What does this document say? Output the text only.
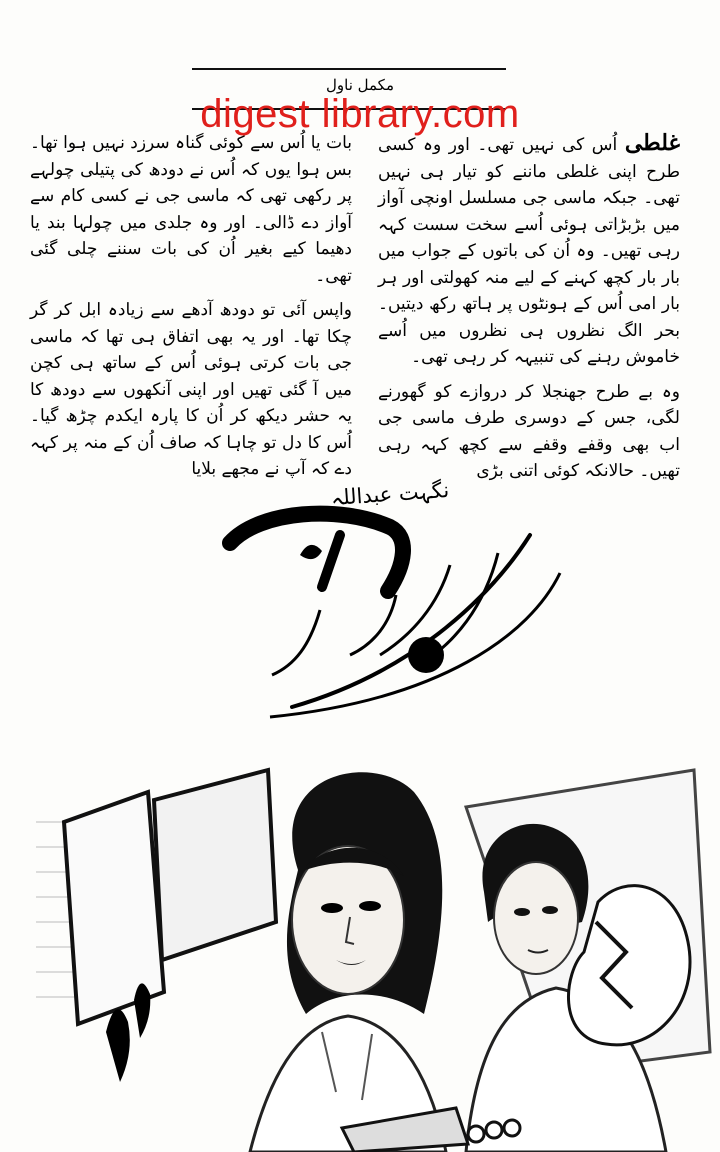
مکمل ناول

غلطی اُس کی نہیں تھی۔ اور وہ کسی طرح اپنی غلطی ماننے کو تیار ہی نہیں تھی۔ جبکہ ماسی جی مسلسل اونچی آواز میں بڑبڑاتی ہوئی اُسے سخت سست کہہ رہی تھیں۔ وہ اُن کی باتوں کے جواب میں بار بار کچھ کہنے کے لیے منہ کھولتی اور ہر بار امی اُس کے ہونٹوں پر ہاتھ رکھ دیتیں۔ بحر الگ نظروں ہی نظروں میں اُسے خاموش رہنے کی تنبیہہ کر رہی تھی۔

وہ بے طرح جھنجلا کر دروازے کو گھورنے لگی، جس کے دوسری طرف ماسی جی اب بھی وقفے وقفے سے کچھ کہہ رہی تھیں۔ حالانکہ کوئی اتنی بڑی

بات یا اُس سے کوئی گناہ سرزد نہیں ہوا تھا۔ بس ہوا یوں کہ اُس نے دودھ کی پتیلی چولہے پر رکھی تھی کہ ماسی جی نے کسی کام سے آواز دے ڈالی۔ اور وہ جلدی میں چولہا بند یا دھیما کیے بغیر اُن کی بات سننے چلی گئی تھی۔

واپس آئی تو دودھ آدھے سے زیادہ ابل کر گر چکا تھا۔ اور یہ بھی اتفاق ہی تھا کہ ماسی جی بات کرتی ہوئی اُس کے ساتھ ہی کچن میں آ گئی تھیں اور اپنی آنکھوں سے دودھ کا یہ حشر دیکھ کر اُن کا پارہ ایکدم چڑھ گیا۔ اُس کا دل تو چاہا کہ صاف اُن کے منہ پر کہہ دے کہ آپ نے مجھے بلایا

digest library.com
نگہت عبداللہ
